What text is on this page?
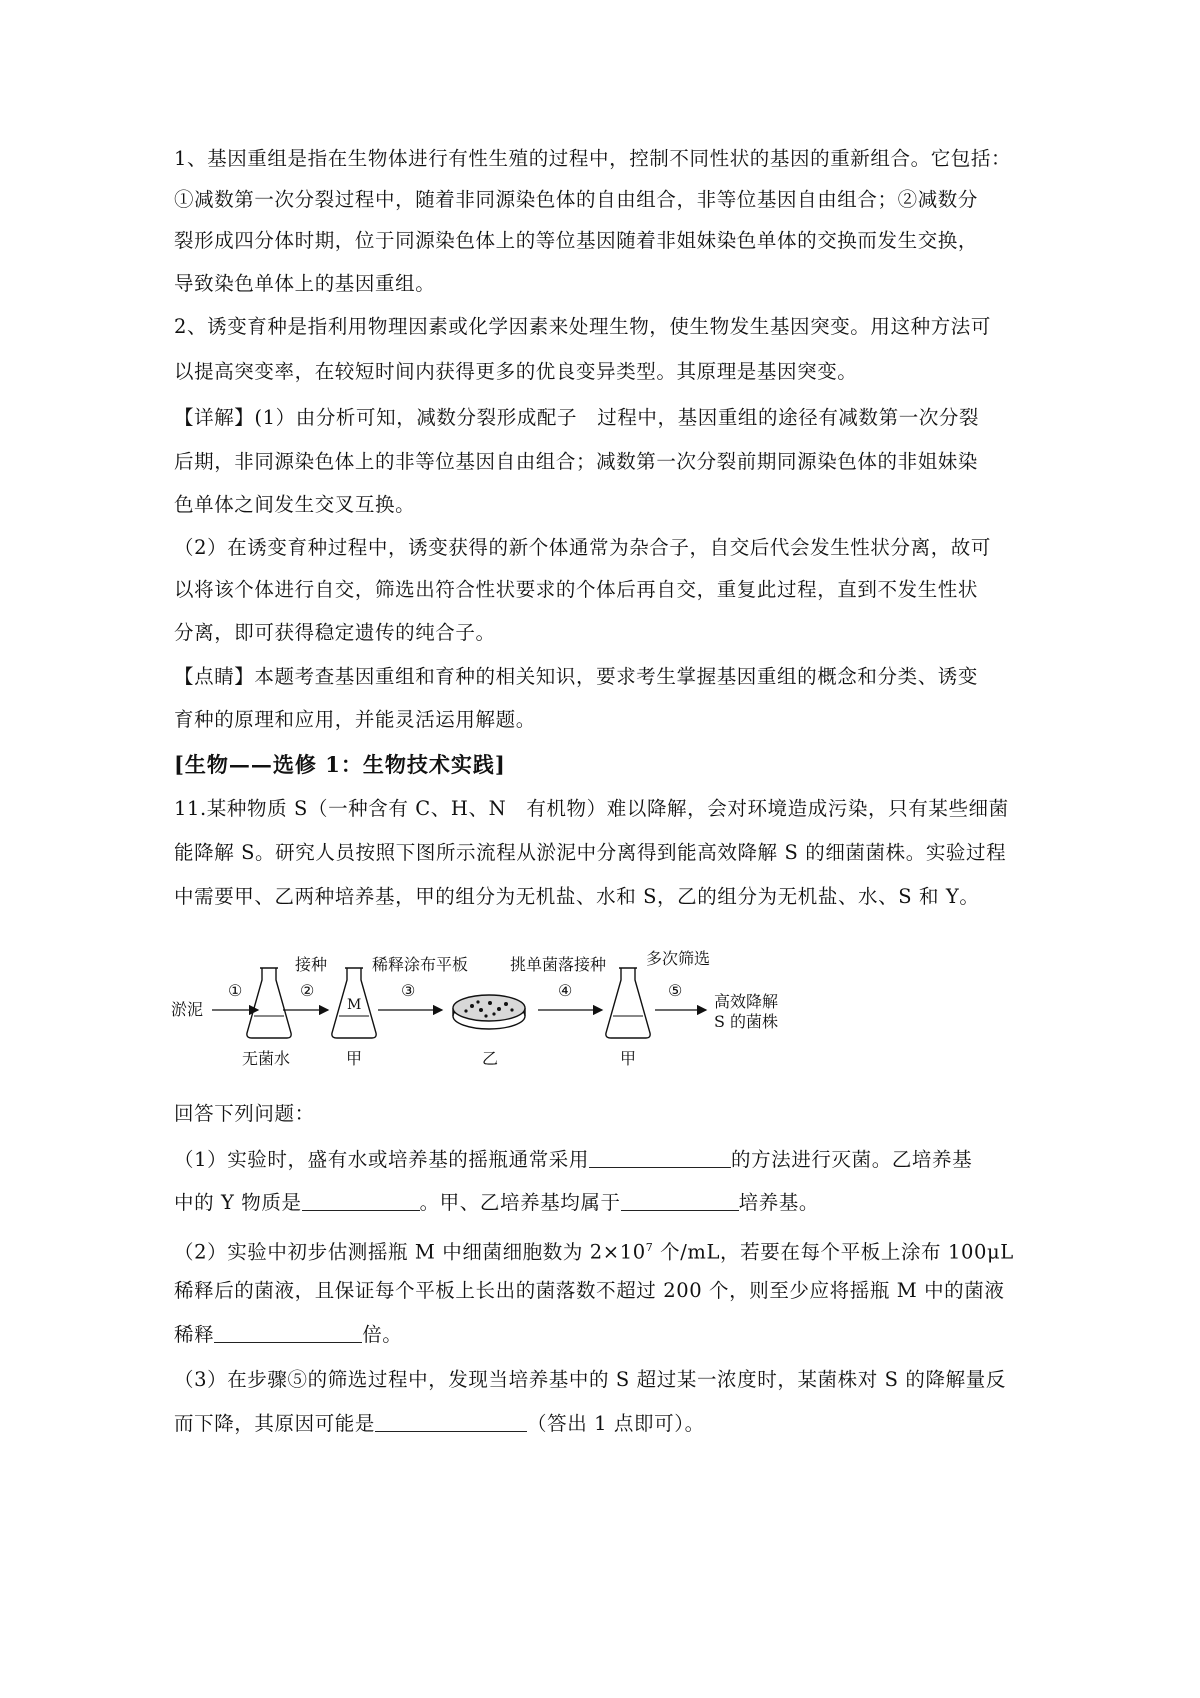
1、基因重组是指在生物体进行有性生殖的过程中，控制不同性状的基因的重新组合。它包括：
①减数第一次分裂过程中，随着非同源染色体的自由组合，非等位基因自由组合；②减数分
裂形成四分体时期，位于同源染色体上的等位基因随着非姐妹染色单体的交换而发生交换，
导致染色单体上的基因重组。
2、诱变育种是指利用物理因素或化学因素来处理生物，使生物发生基因突变。用这种方法可
以提高突变率，在较短时间内获得更多的优良变异类型。其原理是基因突变。
【详解】(1）由分析可知，减数分裂形成配子　过程中，基因重组的途径有减数第一次分裂
后期，非同源染色体上的非等位基因自由组合；减数第一次分裂前期同源染色体的非姐妹染
色单体之间发生交叉互换。
（2）在诱变育种过程中，诱变获得的新个体通常为杂合子，自交后代会发生性状分离，故可
以将该个体进行自交，筛选出符合性状要求的个体后再自交，重复此过程，直到不发生性状
分离，即可获得稳定遗传的纯合子。
【点睛】本题考查基因重组和育种的相关知识，要求考生掌握基因重组的概念和分类、诱变
育种的原理和应用，并能灵活运用解题。
[生物——选修 1：生物技术实践]
11.某种物质 S（一种含有 C、H、N　有机物）难以降解，会对环境造成污染，只有某些细菌
能降解 S。研究人员按照下图所示流程从淤泥中分离得到能高效降解 S 的细菌菌株。实验过程
中需要甲、乙两种培养基，甲的组分为无机盐、水和 S，乙的组分为无机盐、水、S 和 Y。
淤泥
①
无菌水
②
接种
M
甲
③
稀释涂布平板
乙
④
挑单菌落接种
甲
⑤
多次筛选
高效降解
S 的菌株
回答下列问题：
（1）实验时，盛有水或培养基的摇瓶通常采用	的方法进行灭菌。乙培养基
中的 Y 物质是	。甲、乙培养基均属于	培养基。
（2）实验中初步估测摇瓶 M 中细菌细胞数为 $2\times 10^7$ 个/mL，若要在每个平板上涂布 100μL
稀释后的菌液，且保证每个平板上长出的菌落数不超过 200 个，则至少应将摇瓶 M 中的菌液
稀释	倍。
（3）在步骤⑤的筛选过程中，发现当培养基中的 S 超过某一浓度时，某菌株对 S 的降解量反
而下降，其原因可能是	（答出 1 点即可）。
